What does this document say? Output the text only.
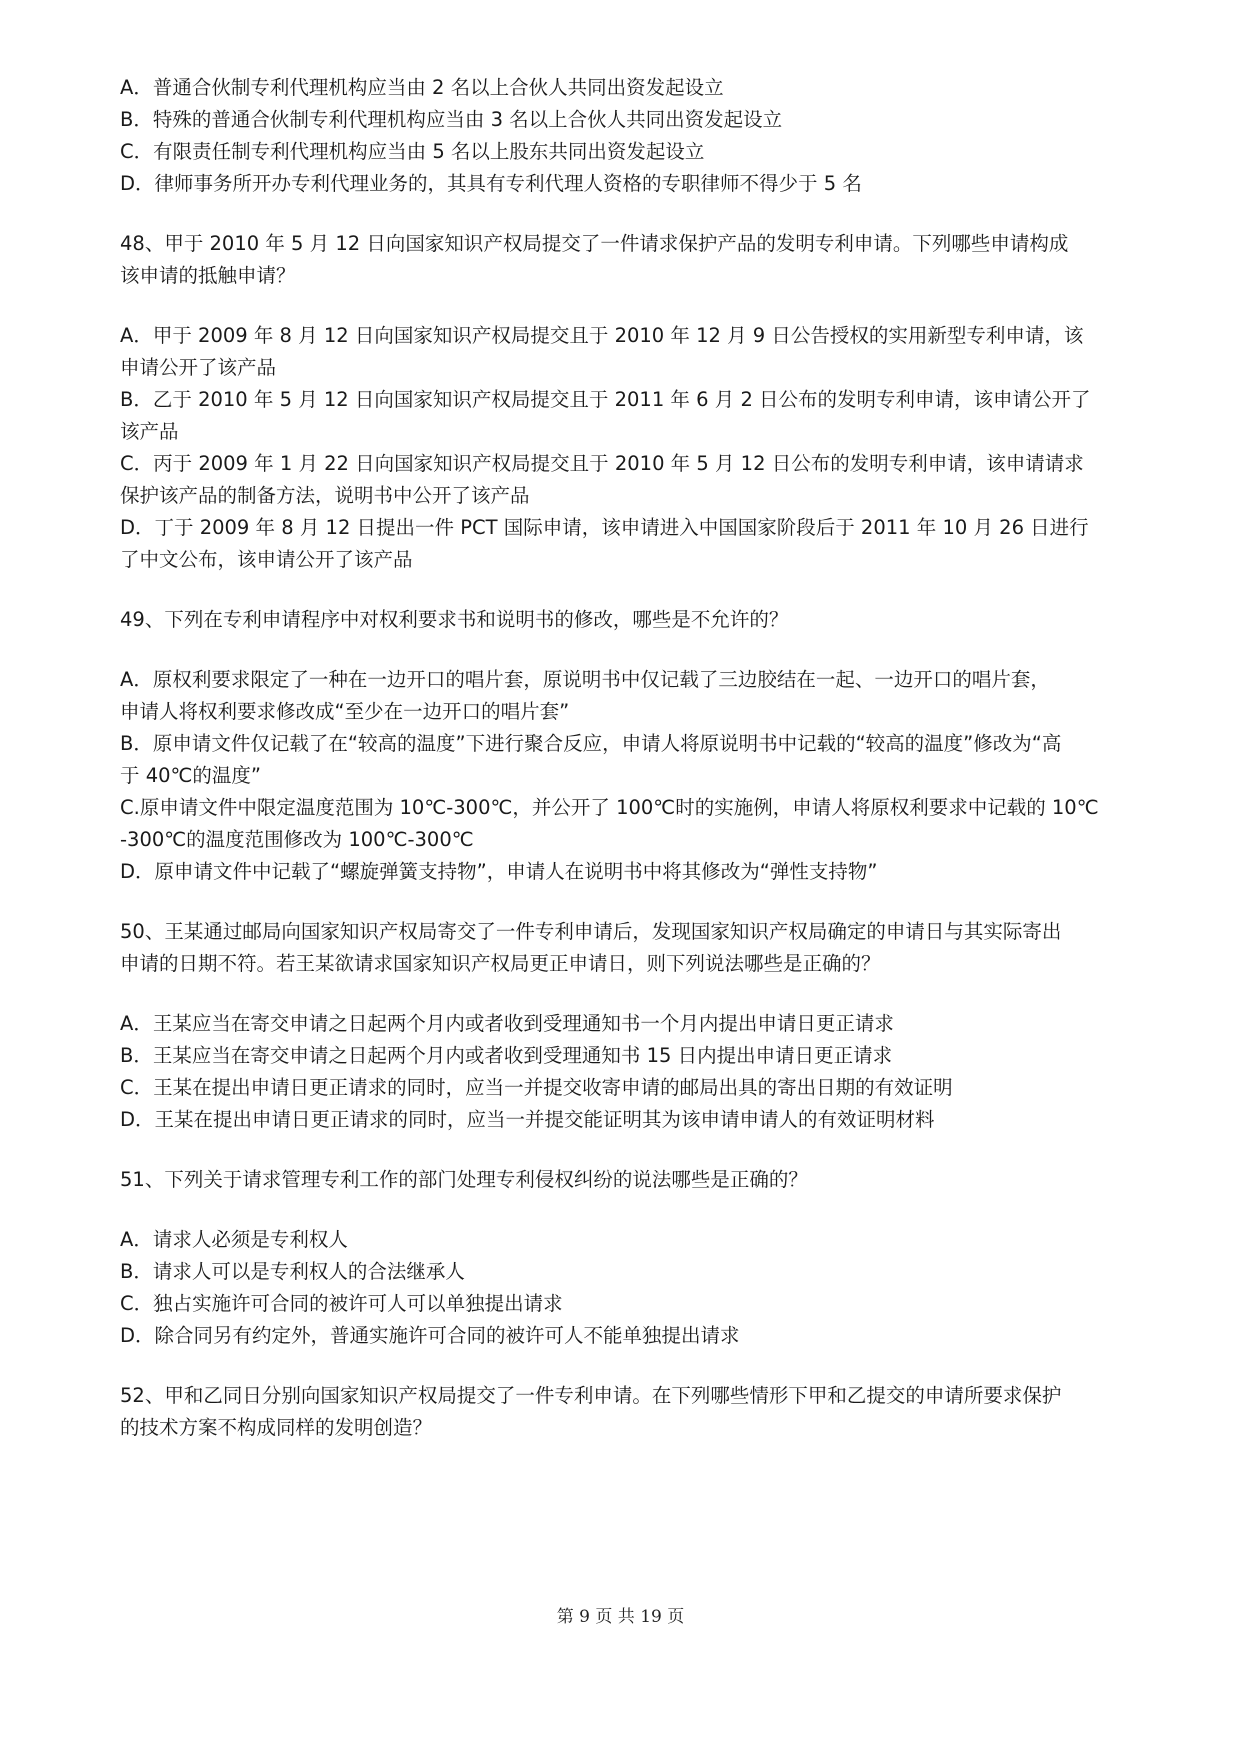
A．普通合伙制专利代理机构应当由 2 名以上合伙人共同出资发起设立
B．特殊的普通合伙制专利代理机构应当由 3 名以上合伙人共同出资发起设立
C．有限责任制专利代理机构应当由 5 名以上股东共同出资发起设立
D．律师事务所开办专利代理业务的，其具有专利代理人资格的专职律师不得少于 5 名
48、甲于 2010 年 5 月 12 日向国家知识产权局提交了一件请求保护产品的发明专利申请。下列哪些申请构成
该申请的抵触申请？
A．甲于 2009 年 8 月 12 日向国家知识产权局提交且于 2010 年 12 月 9 日公告授权的实用新型专利申请，该
申请公开了该产品
B．乙于 2010 年 5 月 12 日向国家知识产权局提交且于 2011 年 6 月 2 日公布的发明专利申请，该申请公开了
该产品
C．丙于 2009 年 1 月 22 日向国家知识产权局提交且于 2010 年 5 月 12 日公布的发明专利申请，该申请请求
保护该产品的制备方法，说明书中公开了该产品
D．丁于 2009 年 8 月 12 日提出一件 PCT 国际申请，该申请进入中国国家阶段后于 2011 年 10 月 26 日进行
了中文公布，该申请公开了该产品
49、下列在专利申请程序中对权利要求书和说明书的修改，哪些是不允许的？
A．原权利要求限定了一种在一边开口的唱片套，原说明书中仅记载了三边胶结在一起、一边开口的唱片套，
申请人将权利要求修改成“至少在一边开口的唱片套”
B．原申请文件仅记载了在“较高的温度”下进行聚合反应，申请人将原说明书中记载的“较高的温度”修改为“高
于 40℃的温度”
C.原申请文件中限定温度范围为 10℃-300℃，并公开了 100℃时的实施例，申请人将原权利要求中记载的 10℃
-300℃的温度范围修改为 100℃-300℃
D．原申请文件中记载了“螺旋弹簧支持物”，申请人在说明书中将其修改为“弹性支持物”
50、王某通过邮局向国家知识产权局寄交了一件专利申请后，发现国家知识产权局确定的申请日与其实际寄出
申请的日期不符。若王某欲请求国家知识产权局更正申请日，则下列说法哪些是正确的？
A．王某应当在寄交申请之日起两个月内或者收到受理通知书一个月内提出申请日更正请求
B．王某应当在寄交申请之日起两个月内或者收到受理通知书 15 日内提出申请日更正请求
C．王某在提出申请日更正请求的同时，应当一并提交收寄申请的邮局出具的寄出日期的有效证明
D．王某在提出申请日更正请求的同时，应当一并提交能证明其为该申请申请人的有效证明材料
51、下列关于请求管理专利工作的部门处理专利侵权纠纷的说法哪些是正确的？
A．请求人必须是专利权人
B．请求人可以是专利权人的合法继承人
C．独占实施许可合同的被许可人可以单独提出请求
D．除合同另有约定外，普通实施许可合同的被许可人不能单独提出请求
52、甲和乙同日分别向国家知识产权局提交了一件专利申请。在下列哪些情形下甲和乙提交的申请所要求保护
的技术方案不构成同样的发明创造？
第 9 页 共 19 页
